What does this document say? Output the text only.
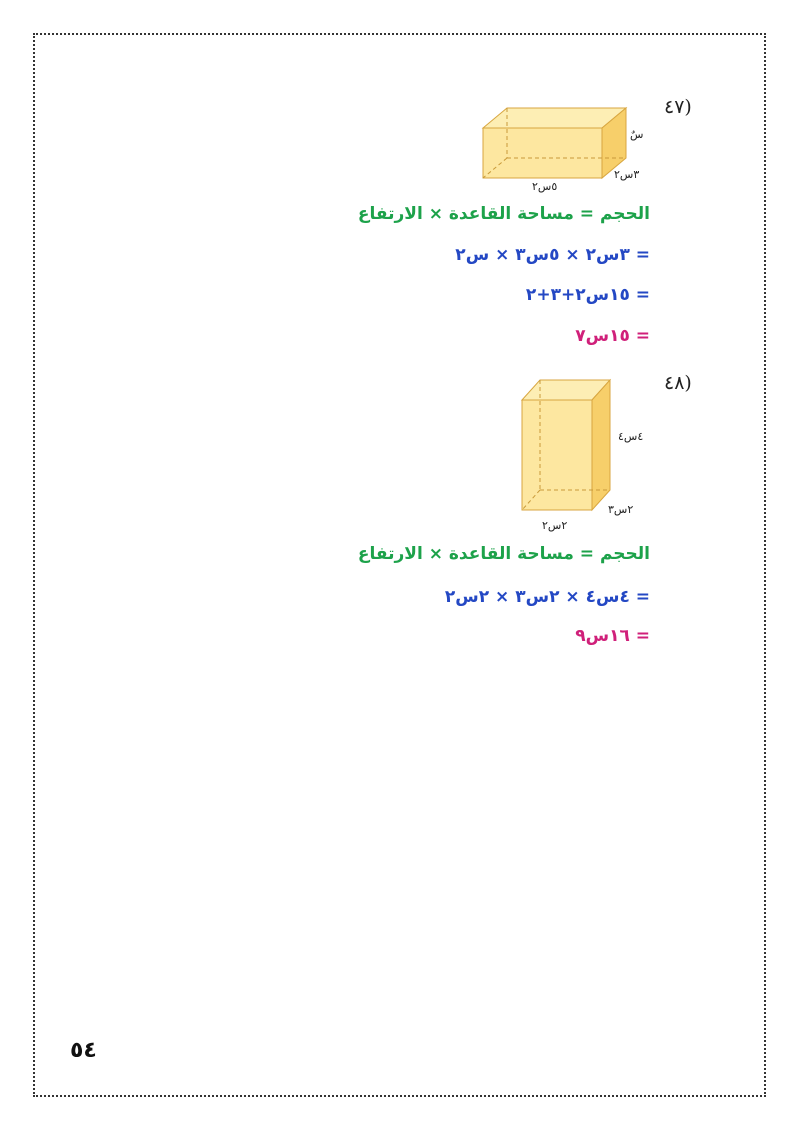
(٤٧
سٌ
٣س٢
٥س٢
الحجم = مساحة القاعدة × الارتفاع
= ٣س٢ × ٥س٣ × س٢
= ١٥س٢+٣+٢
= ١٥س٧
(٤٨
٤س٤
٢س٣
٢س٢
الحجم = مساحة القاعدة × الارتفاع
= ٤س٤ × ٢س٣ × ٢س٢
= ١٦س٩
٥٤
